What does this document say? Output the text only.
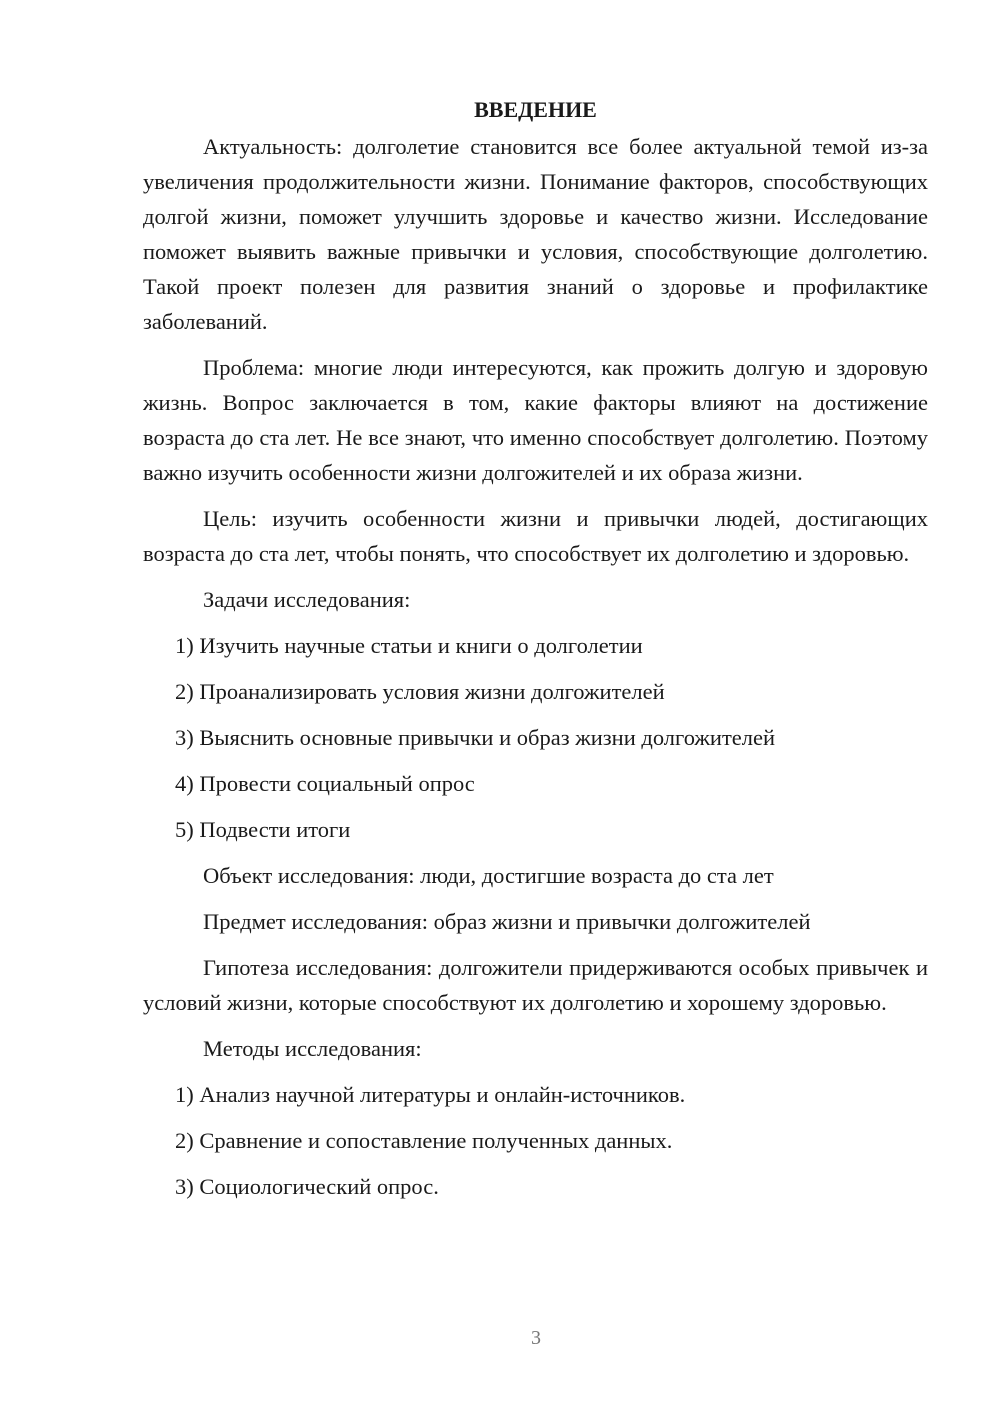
ВВЕДЕНИЕ

Актуальность: долголетие становится все более актуальной темой из-за увеличения продолжительности жизни. Понимание факторов, способствующих долгой жизни, поможет улучшить здоровье и качество жизни. Исследование поможет выявить важные привычки и условия, способствующие долголетию. Такой проект полезен для развития знаний о здоровье и профилактике заболеваний.

Проблема: многие люди интересуются, как прожить долгую и здоровую жизнь. Вопрос заключается в том, какие факторы влияют на достижение возраста до ста лет. Не все знают, что именно способствует долголетию. Поэтому важно изучить особенности жизни долгожителей и их образа жизни.

Цель: изучить особенности жизни и привычки людей, достигающих возраста до ста лет, чтобы понять, что способствует их долголетию и здоровью.

Задачи исследования:

1) Изучить научные статьи и книги о долголетии

2) Проанализировать условия жизни долгожителей

3) Выяснить основные привычки и образ жизни долгожителей

4) Провести социальный опрос

5) Подвести итоги

Объект исследования: люди, достигшие возраста до ста лет

Предмет исследования: образ жизни и привычки долгожителей

Гипотеза исследования: долгожители придерживаются особых привычек и условий жизни, которые способствуют их долголетию и хорошему здоровью.

Методы исследования:

1) Анализ научной литературы и онлайн-источников.

2) Сравнение и сопоставление полученных данных.

3) Социологический опрос.

3
